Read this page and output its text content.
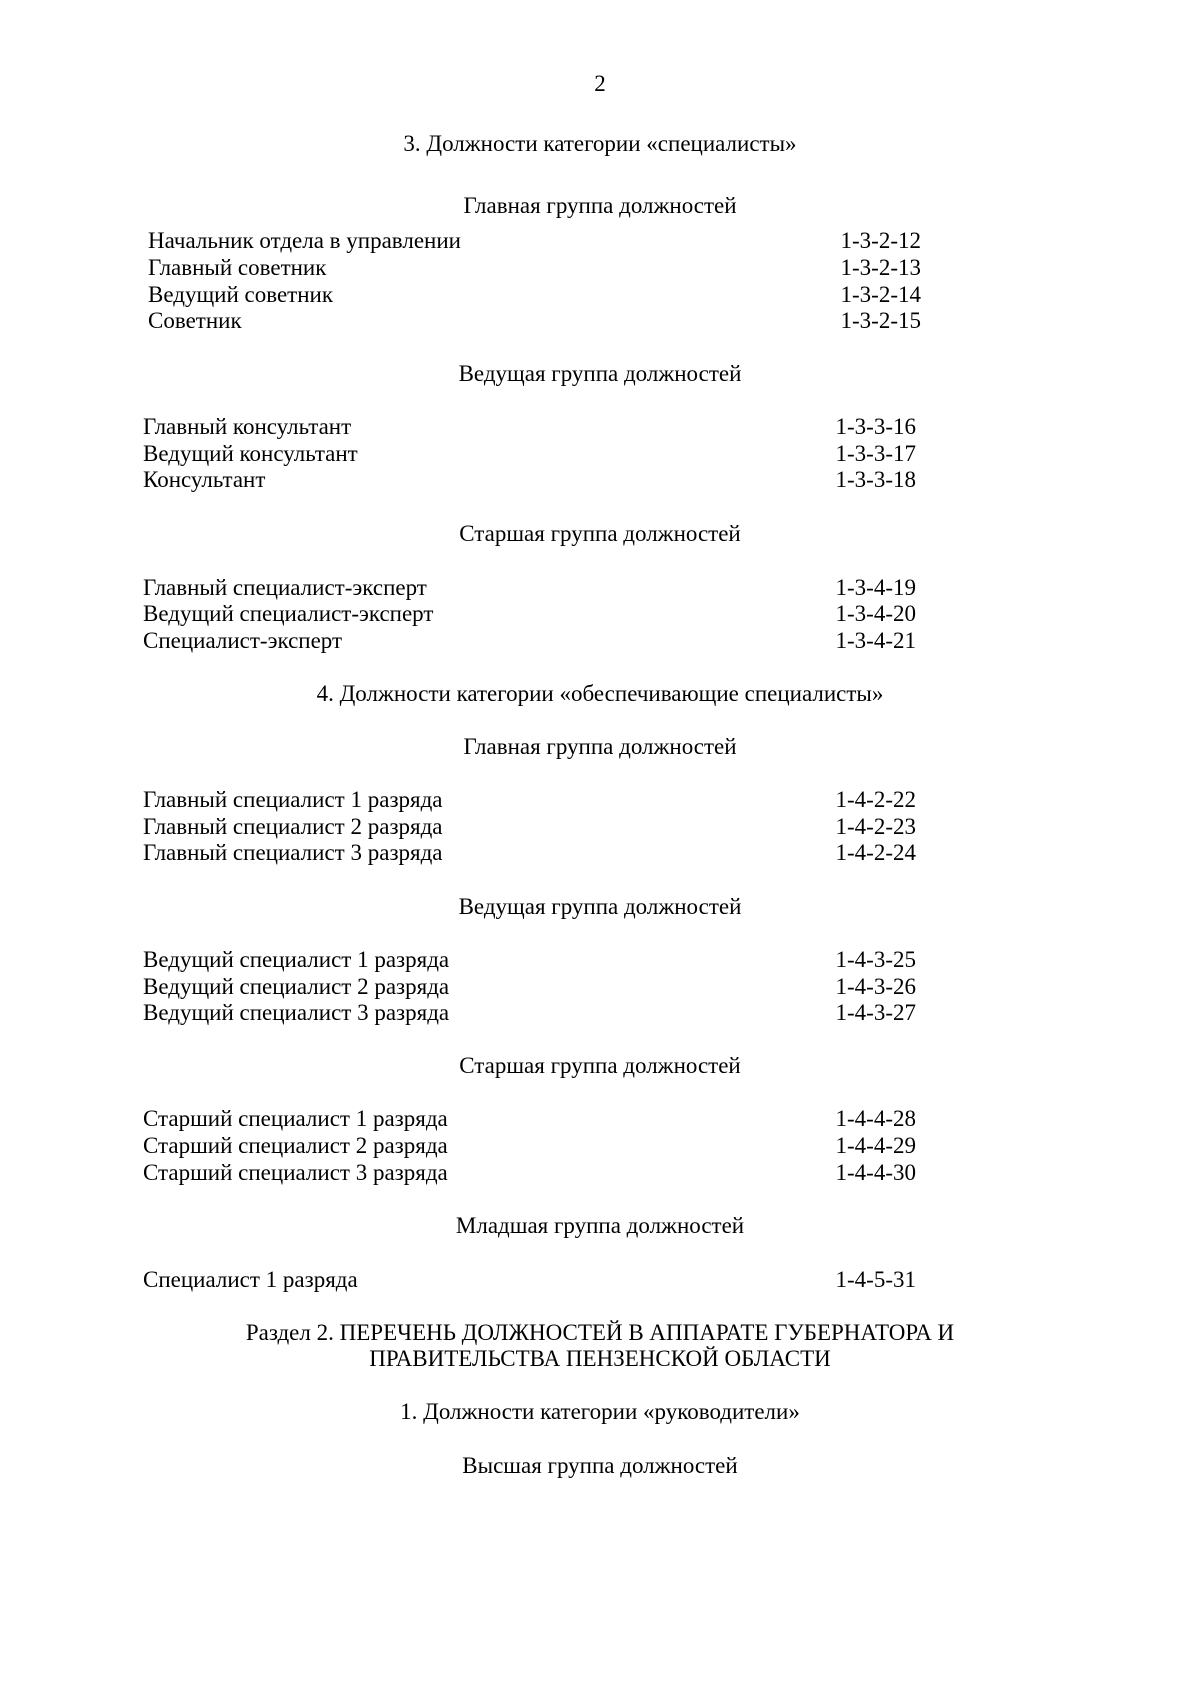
2
3. Должности категории «специалисты»
Главная группа должностей
Начальник отдела в управлении	1-3-2-12
Главный советник	1-3-2-13
Ведущий советник	1-3-2-14
Советник	1-3-2-15
Ведущая группа должностей
Главный консультант	1-3-3-16
Ведущий консультант	1-3-3-17
Консультант	1-3-3-18
Старшая группа должностей
Главный специалист-эксперт	1-3-4-19
Ведущий специалист-эксперт	1-3-4-20
Специалист-эксперт	1-3-4-21
4. Должности категории «обеспечивающие специалисты»
Главная группа должностей
Главный специалист 1 разряда	1-4-2-22
Главный специалист 2 разряда	1-4-2-23
Главный специалист 3 разряда	1-4-2-24
Ведущая группа должностей
Ведущий специалист 1 разряда	1-4-3-25
Ведущий специалист 2 разряда	1-4-3-26
Ведущий специалист 3 разряда	1-4-3-27
Старшая группа должностей
Старший специалист 1 разряда	1-4-4-28
Старший специалист 2 разряда	1-4-4-29
Старший специалист 3 разряда	1-4-4-30
Младшая группа должностей
Специалист 1 разряда	1-4-5-31
Раздел 2. ПЕРЕЧЕНЬ ДОЛЖНОСТЕЙ В АППАРАТЕ ГУБЕРНАТОРА И
ПРАВИТЕЛЬСТВА ПЕНЗЕНСКОЙ ОБЛАСТИ
1. Должности категории «руководители»
Высшая группа должностей
